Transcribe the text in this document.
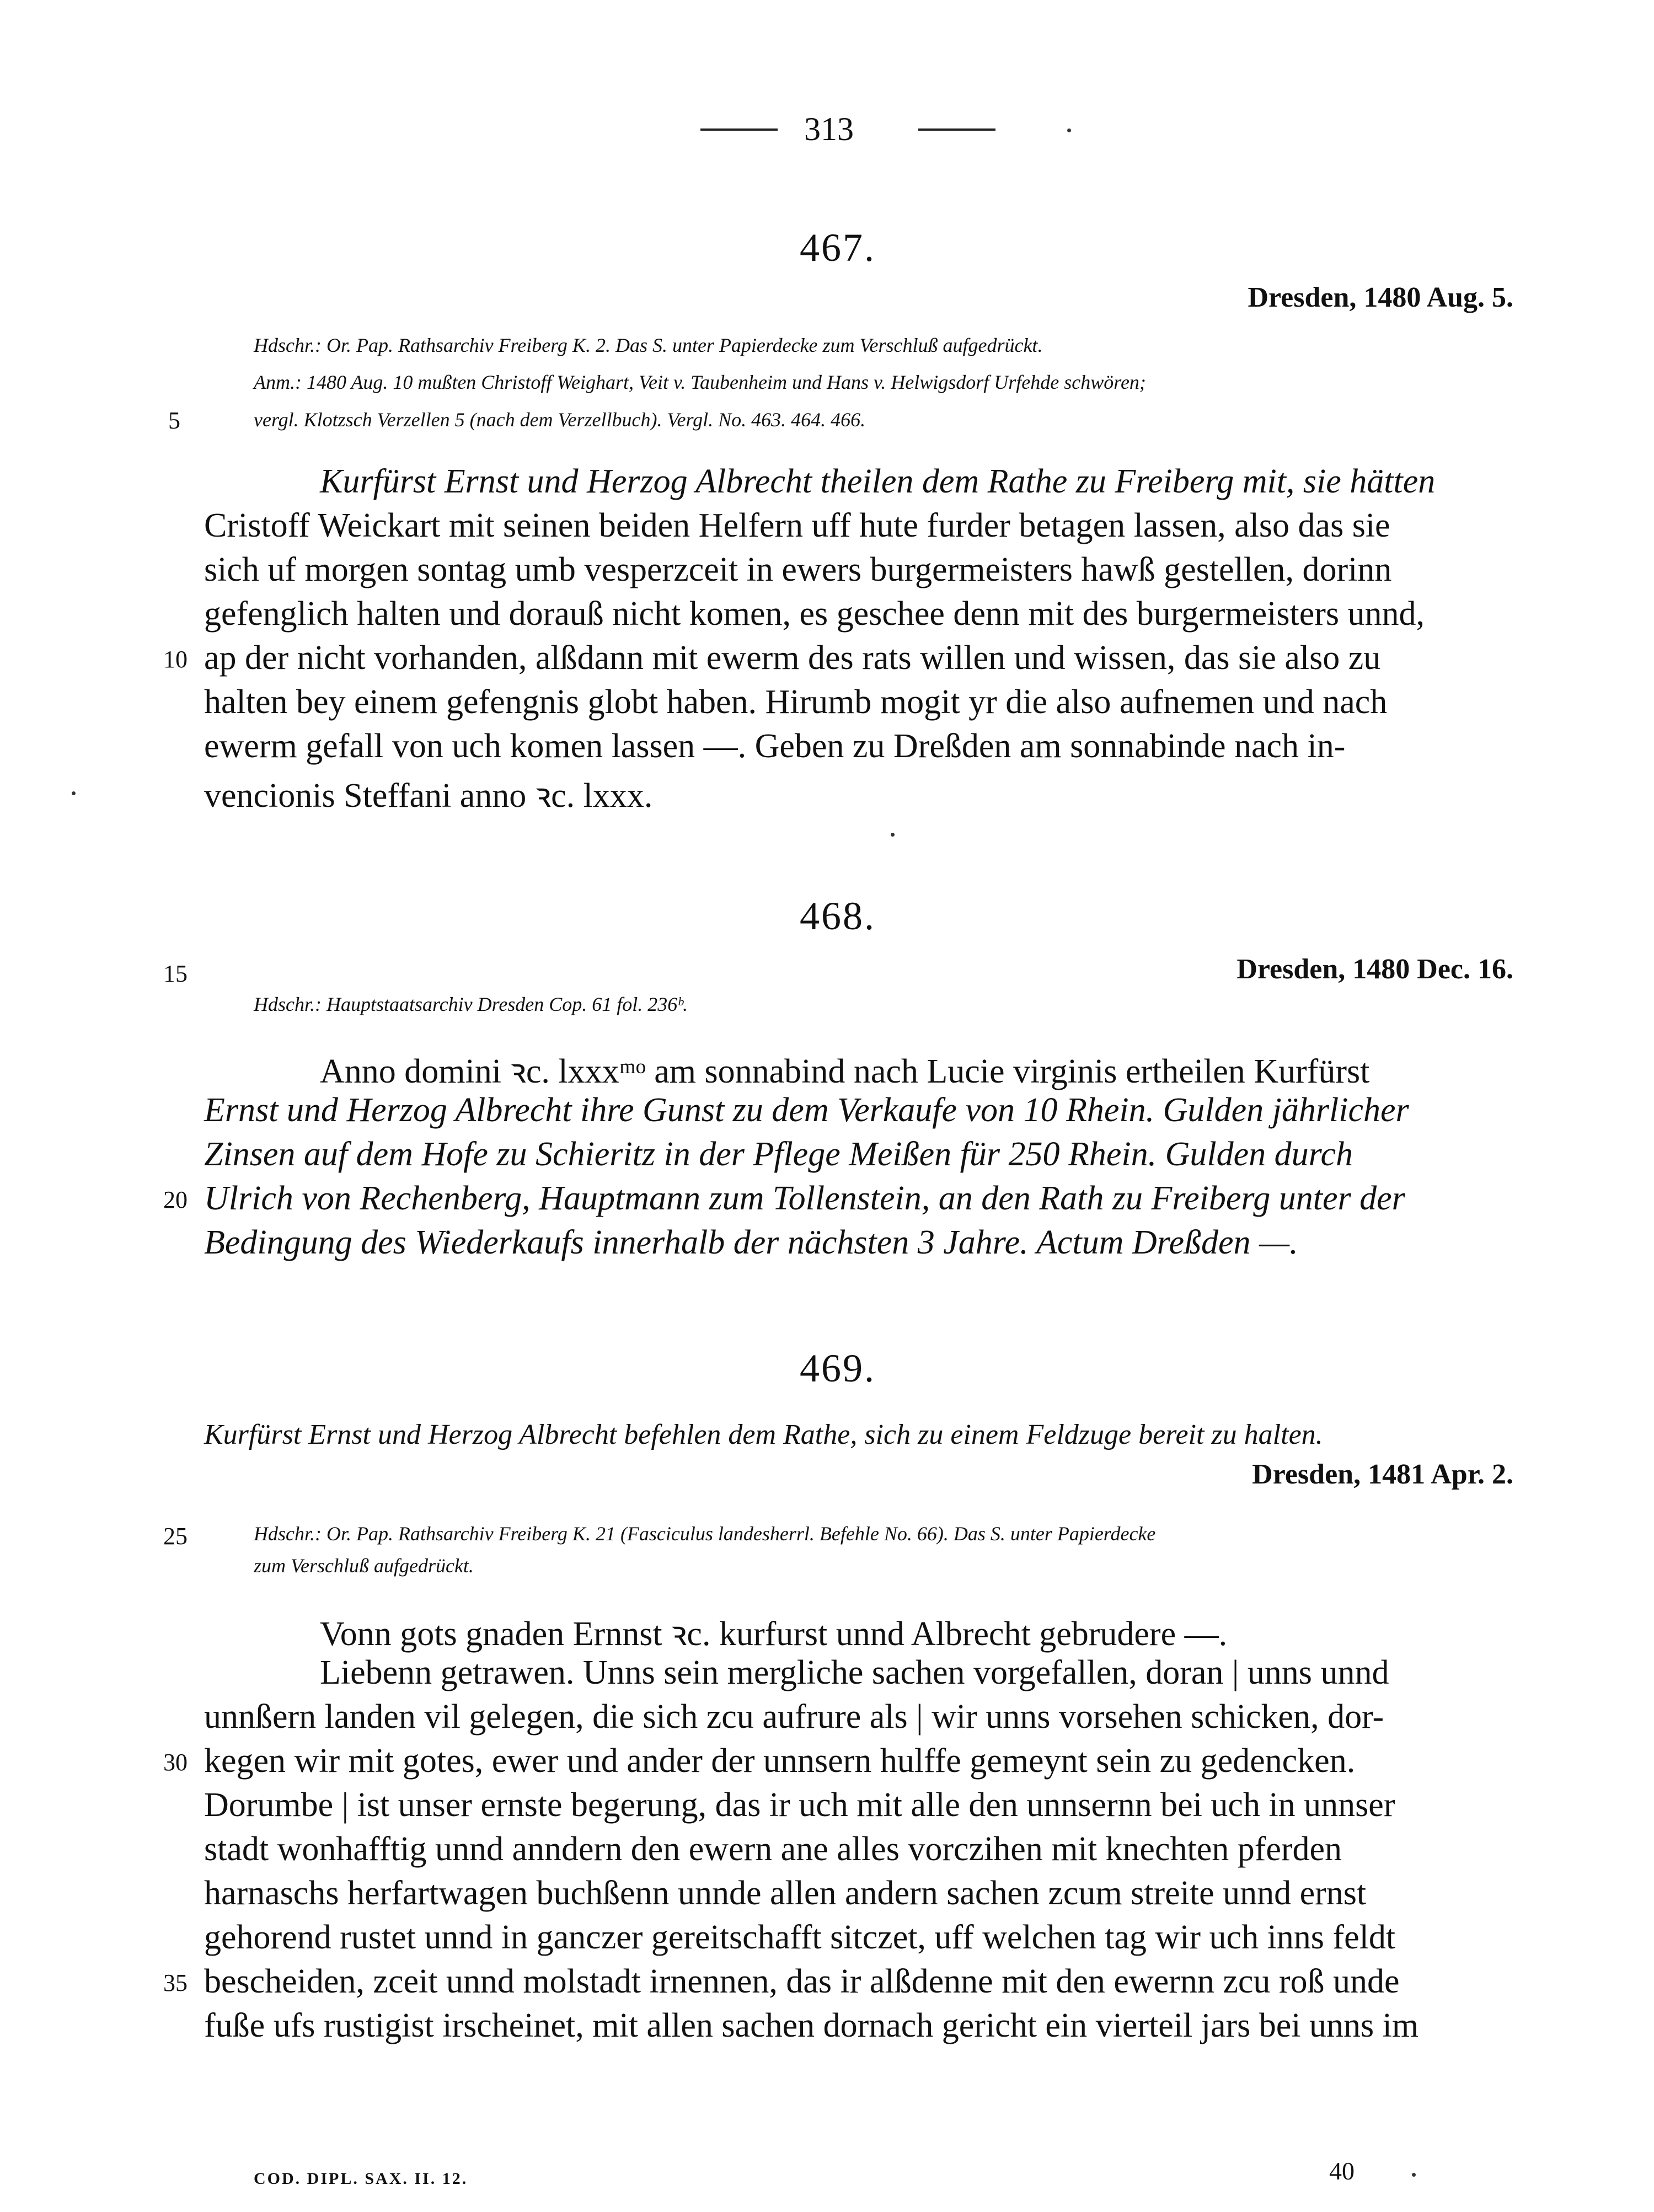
313
467.
Dresden, 1480 Aug. 5.
Hdschr.: Or. Pap. Rathsarchiv Freiberg K. 2. Das S. unter Papierdecke zum Verschluß aufgedrückt.
Anm.: 1480 Aug. 10 mußten Christoff Weighart, Veit v. Taubenheim und Hans v. Helwigsdorf Urfehde schwören;
vergl. Klotzsch Verzellen 5 (nach dem Verzellbuch). Vergl. No. 463. 464. 466.
5
Kurfürst Ernst und Herzog Albrecht theilen dem Rathe zu Freiberg mit, sie hätten
Cristoff Weickart mit seinen beiden Helfern uff hute furder betagen lassen, also das sie
sich uf morgen sontag umb vesperzceit in ewers burgermeisters hawß gestellen, dorinn
gefenglich halten und dorauß nicht komen, es geschee denn mit des burgermeisters unnd,
10 ap der nicht vorhanden, alßdann mit ewerm des rats willen und wissen, das sie also zu
halten bey einem gefengnis globt haben. Hirumb mogit yr die also aufnemen und nach
ewerm gefall von uch komen lassen —. Geben zu Dreßden am sonnabinde nach in-
vencionis Steffani anno ꝛc. lxxx.
468.
15	Dresden, 1480 Dec. 16.
Hdschr.: Hauptstaatsarchiv Dresden Cop. 61 fol. 236ᵇ.
Anno domini ꝛc. lxxxᵐᵒ am sonnabind nach Lucie virginis ertheilen Kurfürst
Ernst und Herzog Albrecht ihre Gunst zu dem Verkaufe von 10 Rhein. Gulden jährlicher
Zinsen auf dem Hofe zu Schieritz in der Pflege Meißen für 250 Rhein. Gulden durch
20 Ulrich von Rechenberg, Hauptmann zum Tollenstein, an den Rath zu Freiberg unter der
Bedingung des Wiederkaufs innerhalb der nächsten 3 Jahre. Actum Dreßden —.
469.
Kurfürst Ernst und Herzog Albrecht befehlen dem Rathe, sich zu einem Feldzuge bereit zu halten.
Dresden, 1481 Apr. 2.
25	Hdschr.: Or. Pap. Rathsarchiv Freiberg K. 21 (Fasciculus landesherrl. Befehle No. 66). Das S. unter Papierdecke
zum Verschluß aufgedrückt.
Vonn gots gnaden Ernnst ꝛc. kurfurst unnd Albrecht gebrudere —.
Liebenn getrawen. Unns sein mergliche sachen vorgefallen, doran | unns unnd
unnßern landen vil gelegen, die sich zcu aufrure als | wir unns vorsehen schicken, dor-
30 kegen wir mit gotes, ewer und ander der unnsern hulffe gemeynt sein zu gedencken.
Dorumbe | ist unser ernste begerung, das ir uch mit alle den unnsernn bei uch in unnser
stadt wonhafftig unnd anndern den ewern ane alles vorczihen mit knechten pferden
harnaschs herfartwagen buchßenn unnde allen andern sachen zcum streite unnd ernst
gehorend rustet unnd in ganczer gereitschafft sitczet, uff welchen tag wir uch inns feldt
35 bescheiden, zceit unnd molstadt irnennen, das ir alßdenne mit den ewernn zcu roß unde
fuße ufs rustigist irscheinet, mit allen sachen dornach gericht ein vierteil jars bei unns im
COD. DIPL. SAX. II. 12.	40
